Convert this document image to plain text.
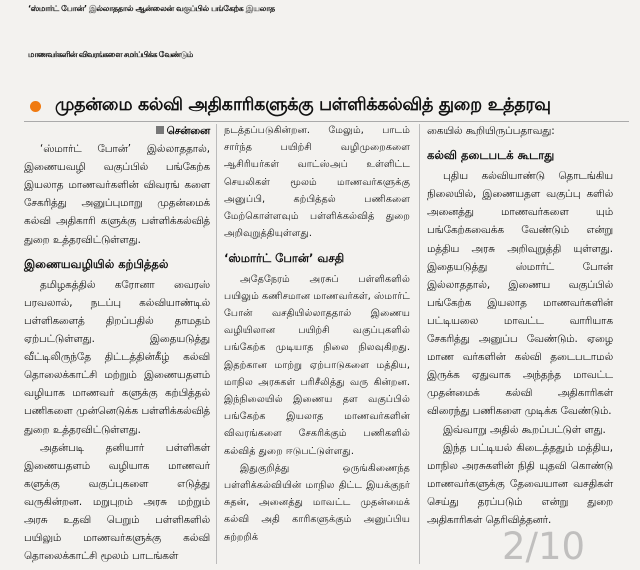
‘ஸ்மார்ட் போன்’ இல்லாததால் ஆன்லைன் வகுப்பில் பங்கேற்க இயலாத
மாணவர்களின் விவரங்களை சமர்ப்பிக்க வேண்டும்
முதன்மை கல்வி அதிகாரிகளுக்கு பள்ளிக்கல்வித் துறை உத்தரவு
சென்னை
‘ஸ்மார்ட் போன்’ இல்லாததால், இணையவழி வகுப்பில் பங்கேற்க இயலாத மாணவர்களின் விவரங் களை சேகரித்து அனுப்புமாறு முதன்மைக் கல்வி அதிகாரி களுக்கு பள்ளிக்கல்வித் துறை உத்தரவிட்டுள்ளது.
இணையவழியில் கற்பித்தல்
தமிழகத்தில் கரோனா வைரஸ் பரவலால், நடப்பு கல்வியாண்டில் பள்ளிகளைத் திறப்பதில் தாமதம் ஏற்பட்டுள்ளது. இதையடுத்து வீட்டிலிருந்தே திட்டத்தின்கீழ் கல்வி தொலைக்காட்சி மற்றும் இணையதளம் வழியாக மாணவர் களுக்கு கற்பித்தல் பணிகளை முன்னெடுக்க பள்ளிக்கல்வித் துறை உத்தரவிட்டுள்ளது.
அதன்படி தனியார் பள்ளிகள் இணையதளம் வழியாக மாணவர் களுக்கு வகுப்புகளை எடுத்து வருகின்றன. மறுபுறம் அரசு மற்றும் அரசு உதவி பெறும் பள்ளிகளில் பயிலும் மாணவர்களுக்கு கல்வி தொலைக்காட்சி மூலம் பாடங்கள்
நடத்தப்படுகின்றன. மேலும், பாடம் சார்ந்த பயிற்சி வழிமுறைகளை ஆசிரியர்கள் வாட்ஸ்அப் உள்ளிட்ட செயலிகள் மூலம் மாணவர்களுக்கு அனுப்பி, கற்பித்தல் பணிகளை மேற்கொள்ளவும் பள்ளிக்கல்வித் துறை அறிவுறுத்தியுள்ளது.
‘ஸ்மார்ட் போன்’ வசதி
அதேநேரம் அரசுப் பள்ளிகளில் பயிலும் கணிசமான மாணவர்கள், ஸ்மார்ட் போன் வசதியில்லாததால் இணைய வழியிலான பயிற்சி வகுப்புகளில் பங்கேற்க முடியாத நிலை நிலவுகிறது. இதற்கான மாற்று ஏற்பாடுகளை மத்திய, மாநில அரசுகள் பரிசீலித்து வரு கின்றன. இந்நிலையில் இணைய தள வகுப்பில் பங்கேற்க இயலாத மாணவர்களின் விவரங்களை சேகரிக்கும் பணிகளில் கல்வித் துறை ஈடுபட்டுள்ளது.
இதுகுறித்து ஒருங்கிணைந்த பள்ளிக்கல்வியின் மாநில திட்ட இயக்குநர் சுதன், அனைத்து மாவட்ட முதன்மைக் கல்வி அதி காரிகளுக்கும் அனுப்பிய சுற்றறிக்
கையில் கூறியிருப்பதாவது:
கல்வி தடைபடக் கூடாது
புதிய கல்வியாண்டு தொடங்கிய நிலையில், இணையதள வகுப்பு களில் அனைத்து மாணவர்களை யும் பங்கேற்கவைக்க வேண்டும் என்று மத்திய அரசு அறிவுறுத்தி யுள்ளது. இதையடுத்து ஸ்மார்ட் போன் இல்லாததால், இணைய வகுப்பில் பங்கேற்க இயலாத மாணவர்களின் பட்டியலை மாவட்ட வாரியாக சேகரித்து அனுப்ப வேண்டும். ஏழை மாண வர்களின் கல்வி தடைபடாமல் இருக்க ஏதுவாக அந்தந்த மாவட்ட முதன்மைக் கல்வி அதிகாரிகள் விரைந்து பணிகளை முடிக்க வேண்டும்.
இவ்வாறு அதில் கூறப்பட்டுள் ளது.
இந்த பட்டியல் கிடைத்ததும் மத்திய, மாநில அரசுகளின் நிதி யுதவி கொண்டு மாணவர்களுக்கு தேவையான வசதிகள் செய்து தரப்படும் என்று துறை அதிகாரிகள் தெரிவித்தனர்.
2/10
